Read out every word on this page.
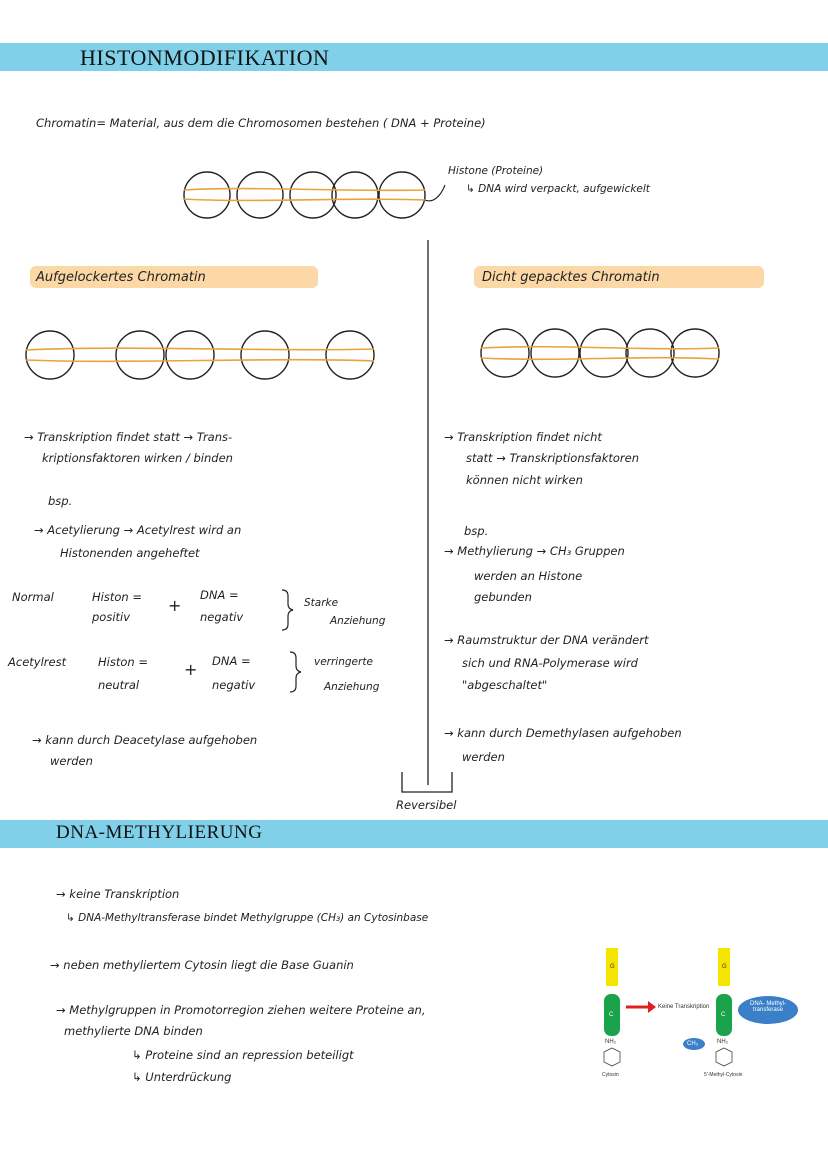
HISTONMODIFIKATION
DNA-METHYLIERUNG
Chromatin= Material, aus dem die Chromosomen bestehen ( DNA + Proteine)
Histone (Proteine)
↳ DNA wird verpackt, aufgewickelt
Aufgelockertes Chromatin
→ Transkription findet statt → Trans-
kriptionsfaktoren wirken / binden
bsp.
→ Acetylierung → Acetylrest wird an
Histonenden angeheftet
Normal	Histon =
positiv
+
DNA =
negativ
Starke
Anziehung
Acetylrest	Histon =
neutral
+ DNA =
negativ
verringerte
Anziehung
→ kann durch Deacetylase aufgehoben
werden
Dicht gepacktes Chromatin
→ Transkription findet nicht
statt → Transkriptionsfaktoren
können nicht wirken
bsp.
→ Methylierung → CH₃ Gruppen
werden an Histone
gebunden
→ Raumstruktur der DNA verändert
sich und RNA-Polymerase wird
"abgeschaltet"
→ kann durch Demethylasen aufgehoben
werden
Reversibel
→ keine Transkription
↳ DNA-Methyltransferase bindet Methylgruppe (CH₃) an Cytosinbase
→ neben methyliertem Cytosin liegt die Base Guanin
→ Methylgruppen in Promotorregion ziehen weitere Proteine an,
methylierte DNA binden
↳ Proteine sind an repression beteiligt
↳ Unterdrückung
G	G
C	C
Keine Transkription	DNA- Methyl-
transferase
CH₃
NH₂	NH₂
Cytosin	5'-Methyl-Cytosin
